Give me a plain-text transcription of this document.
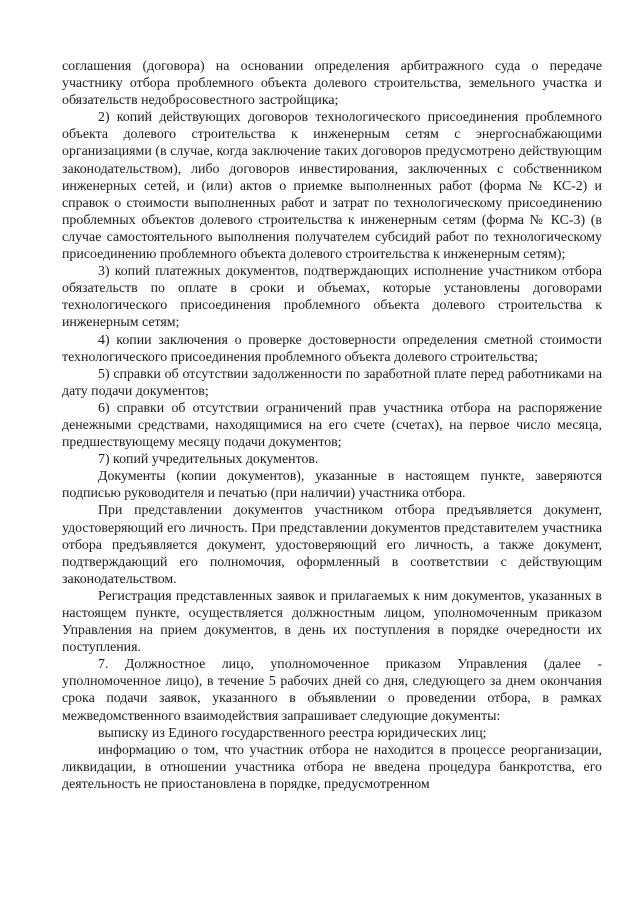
соглашения (договора) на основании определения арбитражного суда о передаче участнику отбора проблемного объекта долевого строительства, земельного участка и обязательств недобросовестного застройщика;

2) копий действующих договоров технологического присоединения проблемного объекта долевого строительства к инженерным сетям с энергоснабжающими организациями (в случае, когда заключение таких договоров предусмотрено действующим законодательством), либо договоров инвестирования, заключенных с собственником инженерных сетей, и (или) актов о приемке выполненных работ (форма № КС-2) и справок о стоимости выполненных работ и затрат по технологическому присоединению проблемных объектов долевого строительства к инженерным сетям (форма № КС-3) (в случае самостоятельного выполнения получателем субсидий работ по технологическому присоединению проблемного объекта долевого строительства к инженерным сетям);

3) копий платежных документов, подтверждающих исполнение участником отбора обязательств по оплате в сроки и объемах, которые установлены договорами технологического присоединения проблемного объекта долевого строительства к инженерным сетям;

4) копии заключения о проверке достоверности определения сметной стоимости технологического присоединения проблемного объекта долевого строительства;

5) справки об отсутствии задолженности по заработной плате перед работниками на дату подачи документов;

6) справки об отсутствии ограничений прав участника отбора на распоряжение денежными средствами, находящимися на его счете (счетах), на первое число месяца, предшествующему месяцу подачи документов;

7) копий учредительных документов.

Документы (копии документов), указанные в настоящем пункте, заверяются подписью руководителя и печатью (при наличии) участника отбора.

При представлении документов участником отбора предъявляется документ, удостоверяющий его личность. При представлении документов представителем участника отбора предъявляется документ, удостоверяющий его личность, а также документ, подтверждающий его полномочия, оформленный в соответствии с действующим законодательством.

Регистрация представленных заявок и прилагаемых к ним документов, указанных в настоящем пункте, осуществляется должностным лицом, уполномоченным приказом Управления на прием документов, в день их поступления в порядке очередности их поступления.

7. Должностное лицо, уполномоченное приказом Управления (далее - уполномоченное лицо), в течение 5 рабочих дней со дня, следующего за днем окончания срока подачи заявок, указанного в объявлении о проведении отбора, в рамках межведомственного взаимодействия запрашивает следующие документы:

выписку из Единого государственного реестра юридических лиц;

информацию о том, что участник отбора не находится в процессе реорганизации, ликвидации, в отношении участника отбора не введена процедура банкротства, его деятельность не приостановлена в порядке, предусмотренном
